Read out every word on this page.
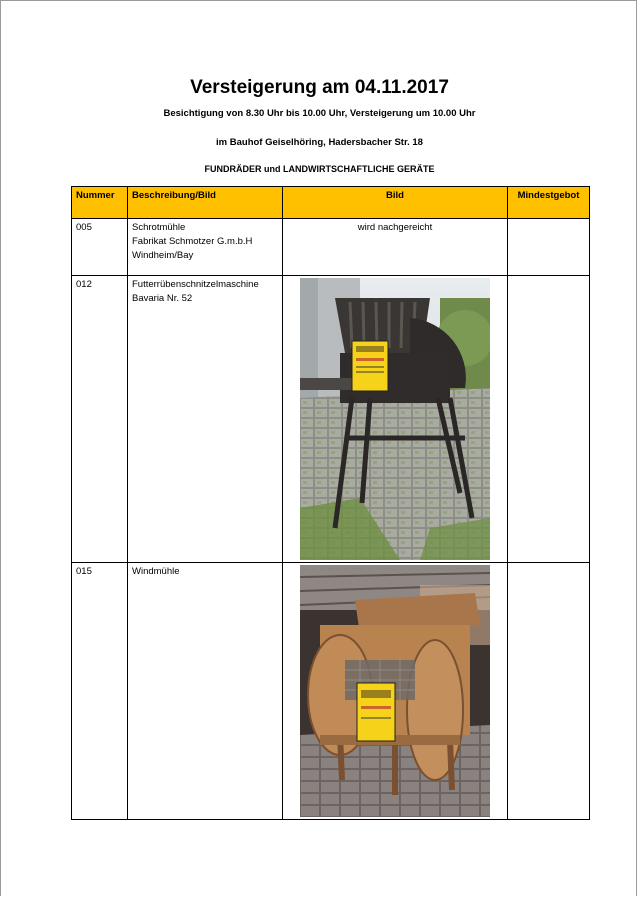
Versteigerung am 04.11.2017
Besichtigung von 8.30 Uhr bis 10.00 Uhr, Versteigerung um 10.00 Uhr
im Bauhof Geiselhöring, Hadersbacher Str. 18
FUNDRÄDER und LANDWIRTSCHAFTLICHE GERÄTE
Nummer	Beschreibung/Bild	Bild	Mindestgebot
005	Schrotmühle
Fabrikat Schmotzer G.m.b.H
Windheim/Bay	wird nachgereicht	
012	Futterrübenschnitzelmaschine
Bavaria Nr. 52

015	Windmühle
